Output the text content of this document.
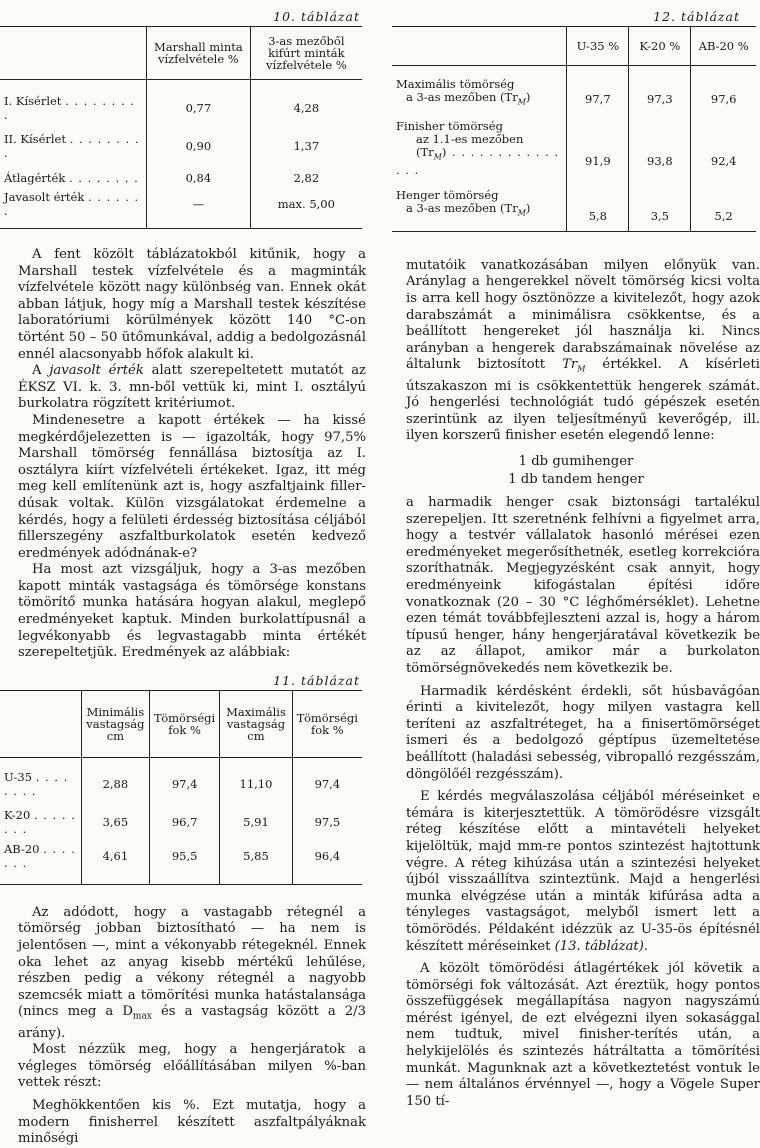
10. táblázat
	Marshall minta vízfelvétele %	3-as mezőből kifúrt minták vízfelvétele %
I. Kísérlet . . . . . . . . .	0,77	4,28
II. Kísérlet . . . . . . . . .	0,90	1,37
Átlagérték . . . . . . . .	0,84	2,82
Javasolt érték . . . . . . .	—	max. 5,00

A fent közölt táblázatokból kitűnik, hogy a Marshall testek vízfelvétele és a magminták vízfelvétele között nagy különbség van. Ennek okát abban látjuk, hogy míg a Marshall testek készítése laboratóriumi körülmények között 140 °C-on történt 50 – 50 ütőmunkával, addig a bedolgozásnál ennél alacsonyabb hőfok alakult ki.

A javasolt érték alatt szerepeltetett mutatót az ÉKSZ VI. k. 3. mn-ből vettük ki, mint I. osztályú burkolatra rögzített kritériumot.

Mindenesetre a kapott értékek — ha kissé megkérdőjelezetten is — igazolták, hogy 97,5% Marshall tömörség fennállása biztosítja az I. osztályra kiírt vízfelvételi értékeket. Igaz, itt még meg kell említenünk azt is, hogy aszfaltjaink filler-dúsak voltak. Külön vizsgálatokat érdemelne a kérdés, hogy a felületi érdesség biztosítása céljából fillerszegény aszfaltburkolatok esetén kedvező eredmények adódnának-e?

Ha most azt vizsgáljuk, hogy a 3-as mezőben kapott minták vastagsága és tömörsége konstans tömörítő munka hatására hogyan alakul, meglepő eredményeket kaptuk. Minden burkolattípusnál a legvékonyabb és legvastagabb minta értékét szerepeltetjük. Eredmények az alábbiak:

11. táblázat
	Minimális vastagság cm	Tömörségi fok %	Maximális vastagság cm	Tömörségi fok %
U-35 . . . . . . . .	2,88	97,4	11,10	97,4
K-20 . . . . . . . .	3,65	96,7	5,91	97,5
AB-20 . . . . . . .	4,61	95,5	5,85	96,4

Az adódott, hogy a vastagabb rétegnél a tömörség jobban biztosítható — ha nem is jelentősen —, mint a vékonyabb rétegeknél. Ennek oka lehet az anyag kisebb mértékű lehűlése, részben pedig a vékony rétegnél a nagyobb szemcsék miatt a tömörítési munka hatástalansága (nincs meg a $D_{max}$ és a vastagság között a 2/3 arány).

Most nézzük meg, hogy a hengerjáratok a végleges tömörség előállításában milyen %-ban vettek részt:

Meghökkentően kis %. Ezt mutatja, hogy a modern finisherrel készített aszfaltpályáknak minőségi

12. táblázat
	U-35 %	K-20 %	AB-20 %
Maximális tömörség
a 3-as mezőben $(Tr_M)$	97,7	97,3	97,6
Finisher tömörség
az 1.1-es mezőben
$(Tr_M)$ . . . . . . . . . . . . . . .	91,9	93,8	92,4
Henger tömörség
a 3-as mezőben $(Tr_M)$	5,8	3,5	5,2

mutatóik vanatkozásában milyen előnyük van. Aránylag a hengerekkel növelt tömörség kicsi volta is arra kell hogy ösztönözze a kivitelezőt, hogy azok darabszámát a minimálisra csökkentse, és a beállított hengereket jól használja ki. Nincs arányban a hengerek darabszámainak növelése az általunk biztosított $Tr_M$ értékkel. A kísérleti útszakaszon mi is csökkentettük hengerek számát. Jó hengerlési technológiát tudó gépészek esetén szerintünk az ilyen teljesítményű keverőgép, ill. ilyen korszerű finisher esetén elegendő lenne:

1 db gumihenger

1 db tandem henger

a harmadik henger csak biztonsági tartalékul szerepeljen. Itt szeretnénk felhívni a figyelmet arra, hogy a testvér vállalatok hasonló mérései ezen eredményeket megerősíthetnék, esetleg korrekcióra szoríthatnák. Megjegyzésként csak annyit, hogy eredményeink kifogástalan építési időre vonatkoznak (20 – 30 °C léghőmérséklet). Lehetne ezen témát továbbfejleszteni azzal is, hogy a három típusú henger, hány hengerjáratával következik be az az állapot, amikor már a burkolaton tömörségnövekedés nem következik be.

Harmadik kérdésként érdekli, sőt húsbavágóan érinti a kivitelezőt, hogy milyen vastagra kell teríteni az aszfaltréteget, ha a finisertömörséget ismeri és a bedolgozó géptípus üzemeltetése beállított (haladási sebesség, vibropalló rezgésszám, döngölőél rezgésszám).

E kérdés megválaszolása céljából méréseinket e témára is kiterjesztettük. A tömörödésre vizsgált réteg készítése előtt a mintavételi helyeket kijelöltük, majd mm-re pontos szintezést hajtottunk végre. A réteg kihúzása után a szintezési helyeket újból visszaállítva szinteztünk. Majd a hengerlési munka elvégzése után a minták kifúrása adta a tényleges vastagságot, melyből ismert lett a tömörödés. Példaként idézzük az U-35-ös építésnél készített méréseinket (13. táblázat).

A közölt tömörödési átlagértékek jól követik a tömörségi fok változását. Azt éreztük, hogy pontos összefüggések megállapítása nagyon nagyszámú mérést igényel, de ezt elvégezni ilyen sokasággal nem tudtuk, mivel finisher-terítés után, a helykijelölés és szintezés hátráltatta a tömörítési munkát. Magunknak azt a következtetést vontuk le — nem általános érvénnyel —, hogy a Vögele Super 150 tí-
